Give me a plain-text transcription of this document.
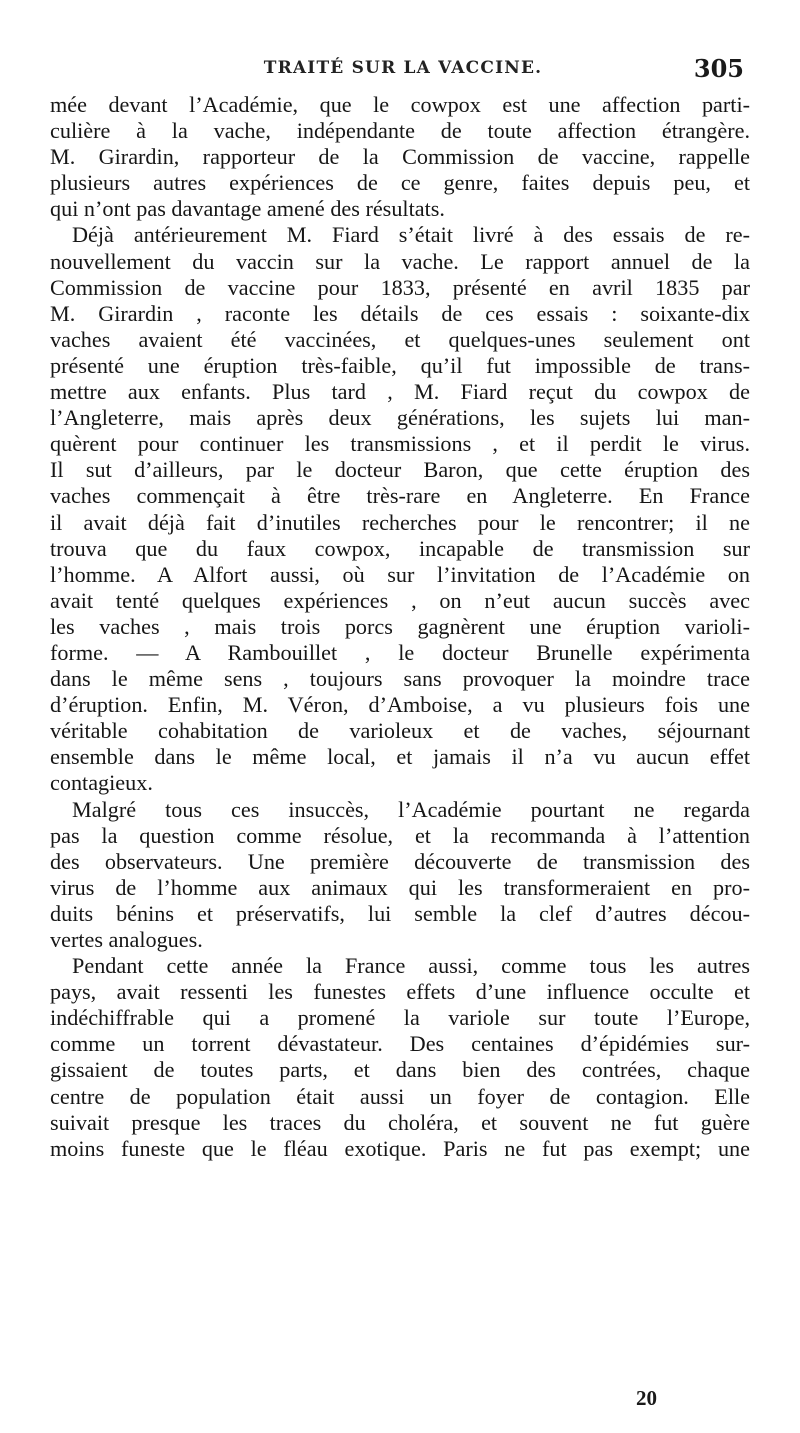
TRAITÉ SUR LA VACCINE.	305
mée devant l’Académie, que le cowpox est une affection parti-
culière à la vache, indépendante de toute affection étrangère.
M. Girardin, rapporteur de la Commission de vaccine, rappelle
plusieurs autres expériences de ce genre, faites depuis peu, et
qui n’ont pas davantage amené des résultats.
Déjà antérieurement M. Fiard s’était livré à des essais de re-
nouvellement du vaccin sur la vache. Le rapport annuel de la
Commission de vaccine pour 1833, présenté en avril 1835 par
M. Girardin , raconte les détails de ces essais : soixante-dix
vaches avaient été vaccinées, et quelques-unes seulement ont
présenté une éruption très-faible, qu’il fut impossible de trans-
mettre aux enfants. Plus tard , M. Fiard reçut du cowpox de
l’Angleterre, mais après deux générations, les sujets lui man-
quèrent pour continuer les transmissions , et il perdit le virus.
Il sut d’ailleurs, par le docteur Baron, que cette éruption des
vaches commençait à être très-rare en Angleterre. En France
il avait déjà fait d’inutiles recherches pour le rencontrer; il ne
trouva que du faux cowpox, incapable de transmission sur
l’homme. A Alfort aussi, où sur l’invitation de l’Académie on
avait tenté quelques expériences , on n’eut aucun succès avec
les vaches , mais trois porcs gagnèrent une éruption varioli-
forme. — A Rambouillet , le docteur Brunelle expérimenta
dans le même sens , toujours sans provoquer la moindre trace
d’éruption. Enfin, M. Véron, d’Amboise, a vu plusieurs fois une
véritable cohabitation de varioleux et de vaches, séjournant
ensemble dans le même local, et jamais il n’a vu aucun effet
contagieux.
Malgré tous ces insuccès, l’Académie pourtant ne regarda
pas la question comme résolue, et la recommanda à l’attention
des observateurs. Une première découverte de transmission des
virus de l’homme aux animaux qui les transformeraient en pro-
duits bénins et préservatifs, lui semble la clef d’autres décou-
vertes analogues.
Pendant cette année la France aussi, comme tous les autres
pays, avait ressenti les funestes effets d’une influence occulte et
indéchiffrable qui a promené la variole sur toute l’Europe,
comme un torrent dévastateur. Des centaines d’épidémies sur-
gissaient de toutes parts, et dans bien des contrées, chaque
centre de population était aussi un foyer de contagion. Elle
suivait presque les traces du choléra, et souvent ne fut guère
moins funeste que le fléau exotique. Paris ne fut pas exempt; une
20
